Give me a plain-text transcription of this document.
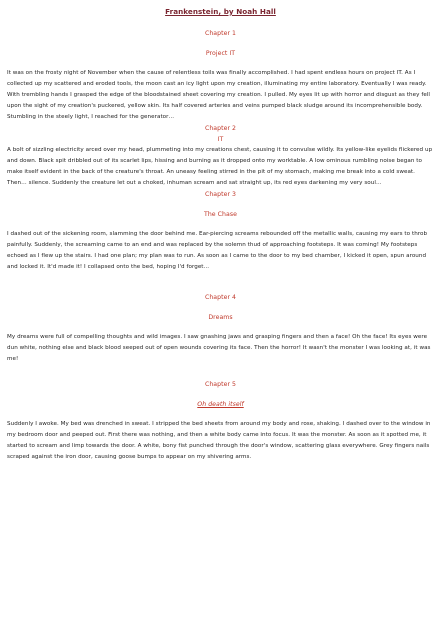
Frankenstein, by Noah Hall
Chapter 1
Project IT

It was on the frosty night of November when the cause of relentless toils was finally accomplished. I had spent endless hours on project IT. As I collected up my scattered and eroded tools, the moon cast an icy light upon my creation, illuminating my entire laboratory. Eventually I was ready. With trembling hands I grasped the edge of the bloodstained sheet covering my creation. I pulled. My eyes lit up with horror and disgust as they fell upon the sight of my creation's puckered, yellow skin. Its half covered arteries and veins pumped black sludge around its incomprehensible body. Stumbling in the steely light, I reached for the generator…

Chapter 2
IT

A bolt of sizzling electricity arced over my head, plummeting into my creations chest, causing it to convulse wildly. Its yellow-like eyelids flickered up and down. Black spit dribbled out of its scarlet lips, hissing and burning as it dropped onto my worktable. A low ominous rumbling noise began to make itself evident in the back of the creature's throat. An uneasy feeling stirred in the pit of my stomach, making me break into a cold sweat. Then… silence. Suddenly the creature let out a choked, inhuman scream and sat straight up, its red eyes darkening my very soul…

Chapter 3
The Chase

I dashed out of the sickening room, slamming the door behind me. Ear-piercing screams rebounded off the metallic walls, causing my ears to throb painfully. Suddenly, the screaming came to an end and was replaced by the solemn thud of approaching footsteps. It was coming! My footsteps echoed as I flew up the stairs. I had one plan; my plan was to run. As soon as I came to the door to my bed chamber, I kicked it open, spun around and locked it. It'd made it! I collapsed onto the bed, hoping I'd forget…

Chapter 4
Dreams

My dreams were full of compelling thoughts and wild images. I saw gnashing jaws and grasping fingers and then a face! Oh the face! Its eyes were dun white, nothing else and black blood seeped out of open wounds covering its face. Then the horror! It wasn't the monster I was looking at, it was me!

Chapter 5
Oh death itself

Suddenly I awoke. My bed was drenched in sweat. I stripped the bed sheets from around my body and rose, shaking. I dashed over to the window in my bedroom door and peeped out. First there was nothing, and then a white body came into focus. It was the monster. As soon as it spotted me, it started to scream and limp towards the door. A white, bony fist punched through the door's window, scattering glass everywhere. Grey fingers nails scraped against the iron door, causing goose bumps to appear on my shivering arms.
